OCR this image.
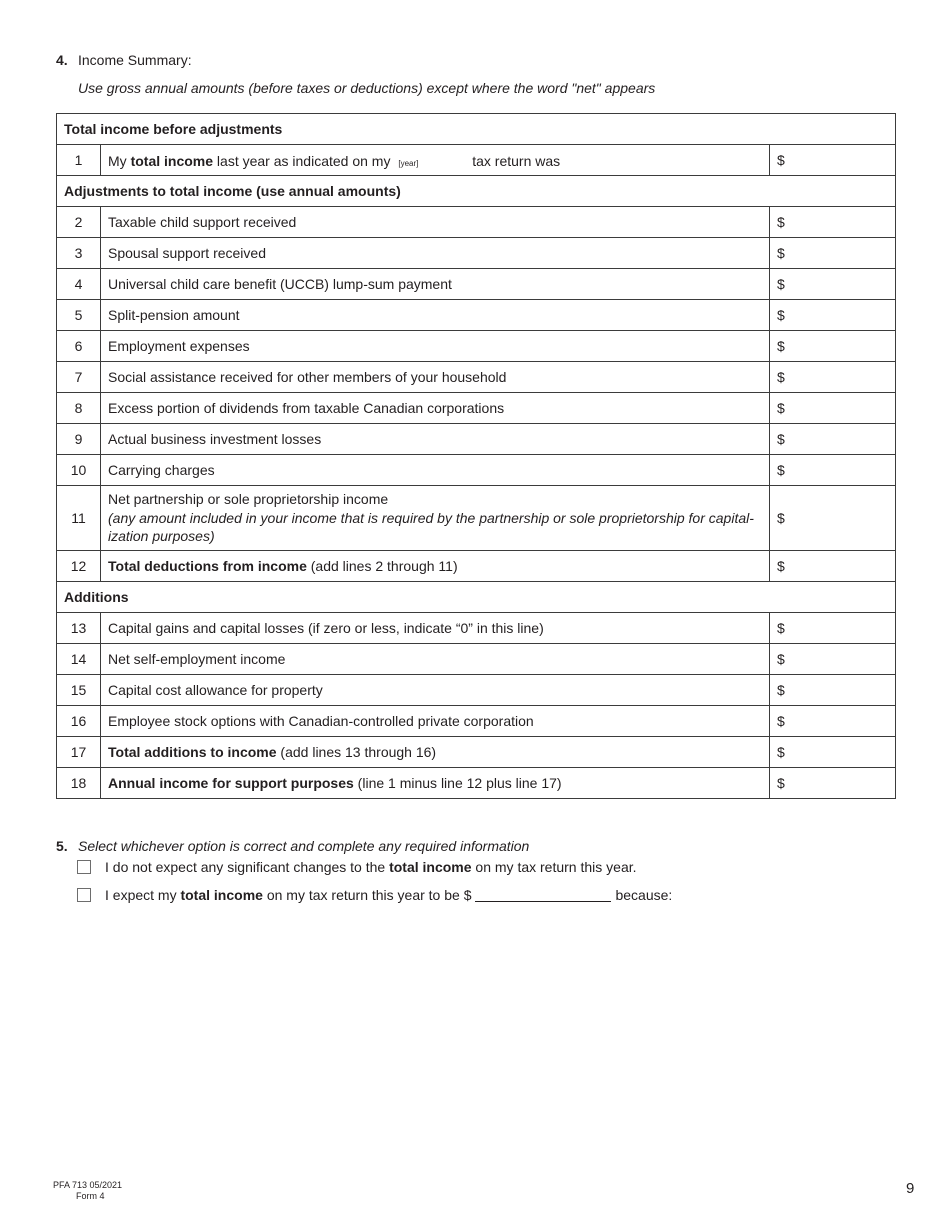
4. Income Summary:
Use gross annual amounts (before taxes or deductions) except where the word "net" appears
Total income before adjustments		
1	My total income last year as indicated on my [year] tax return was	$
Adjustments to total income (use annual amounts)		
2	Taxable child support received	$
3	Spousal support received	$
4	Universal child care benefit (UCCB) lump-sum payment	$
5	Split-pension amount	$
6	Employment expenses	$
7	Social assistance received for other members of your household	$
8	Excess portion of dividends from taxable Canadian corporations	$
9	Actual business investment losses	$
10	Carrying charges	$
11	Net partnership or sole proprietorship income
(any amount included in your income that is required by the partnership or sole proprietorship for capital-
ization purposes)	$
12	Total deductions from income (add lines 2 through 11)	$
Additions		
13	Capital gains and capital losses (if zero or less, indicate “0” in this line)	$
14	Net self-employment income	$
15	Capital cost allowance for property	$
16	Employee stock options with Canadian-controlled private corporation	$
17	Total additions to income (add lines 13 through 16)	$
18	Annual income for support purposes (line 1 minus line 12 plus line 17)	$
5. Select whichever option is correct and complete any required information
I do not expect any significant changes to the total income on my tax return this year.
I expect my total income on my tax return this year to be $	because:
PFA 713 05/2021
Form 4	9
